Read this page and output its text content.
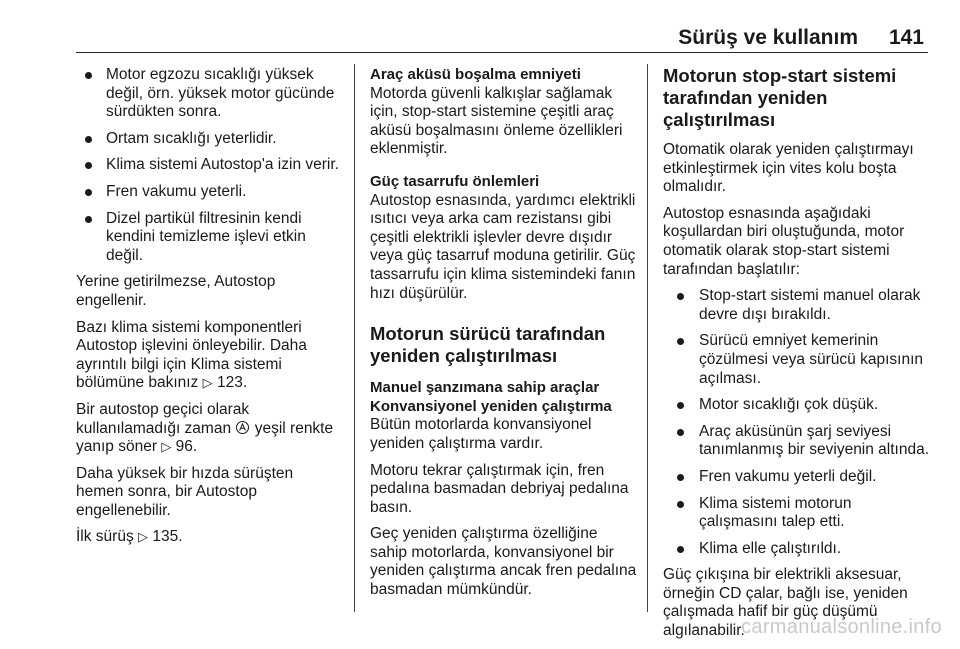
Sürüş ve kullanım 141
Motor egzozu sıcaklığı yüksek değil, örn. yüksek motor gücünde sürdükten sonra.
Ortam sıcaklığı yeterlidir.
Klima sistemi Autostop'a izin verir.
Fren vakumu yeterli.
Dizel partikül filtresinin kendi kendini temizleme işlevi etkin değil.

Yerine getirilmezse, Autostop engellenir.

Bazı klima sistemi komponentleri Autostop işlevini önleyebilir. Daha ayrıntılı bilgi için Klima sistemi bölümüne bakınız ▷ 123.

Bir autostop geçici olarak kullanılamadığı zaman yeşil renkte yanıp söner ▷ 96.

Daha yüksek bir hızda sürüşten hemen sonra, bir Autostop engellenebilir.

İlk sürüş ▷ 135.

Araç aküsü boşalma emniyeti

Motorda güvenli kalkışlar sağlamak için, stop-start sistemine çeşitli araç aküsü boşalmasını önleme özellikleri eklenmiştir.

Güç tasarrufu önlemleri

Autostop esnasında, yardımcı elektrikli ısıtıcı veya arka cam rezistansı gibi çeşitli elektrikli işlevler devre dışıdır veya güç tasarruf moduna getirilir. Güç tassarrufu için klima sistemindeki fanın hızı düşürülür.

Motorun sürücü tarafından yeniden çalıştırılması

Manuel şanzımana sahip araçlar

Konvansiyonel yeniden çalıştırma

Bütün motorlarda konvansiyonel yeniden çalıştırma vardır.

Motoru tekrar çalıştırmak için, fren pedalına basmadan debriyaj pedalına basın.

Geç yeniden çalıştırma özelliğine sahip motorlarda, konvansiyonel bir yeniden çalıştırma ancak fren pedalına basmadan mümkündür.

Motorun stop-start sistemi tarafından yeniden çalıştırılması

Otomatik olarak yeniden çalıştırmayı etkinleştirmek için vites kolu boşta olmalıdır.

Autostop esnasında aşağıdaki koşullardan biri oluştuğunda, motor otomatik olarak stop-start sistemi tarafından başlatılır:

Stop-start sistemi manuel olarak devre dışı bırakıldı.
Sürücü emniyet kemerinin çözülmesi veya sürücü kapısının açılması.
Motor sıcaklığı çok düşük.
Araç aküsünün şarj seviyesi tanımlanmış bir seviyenin altında.
Fren vakumu yeterli değil.
Klima sistemi motorun çalışmasını talep etti.
Klima elle çalıştırıldı.

Güç çıkışına bir elektrikli aksesuar, örneğin CD çalar, bağlı ise, yeniden çalışmada hafif bir güç düşümü algılanabilir.

carmanualsonline.info
